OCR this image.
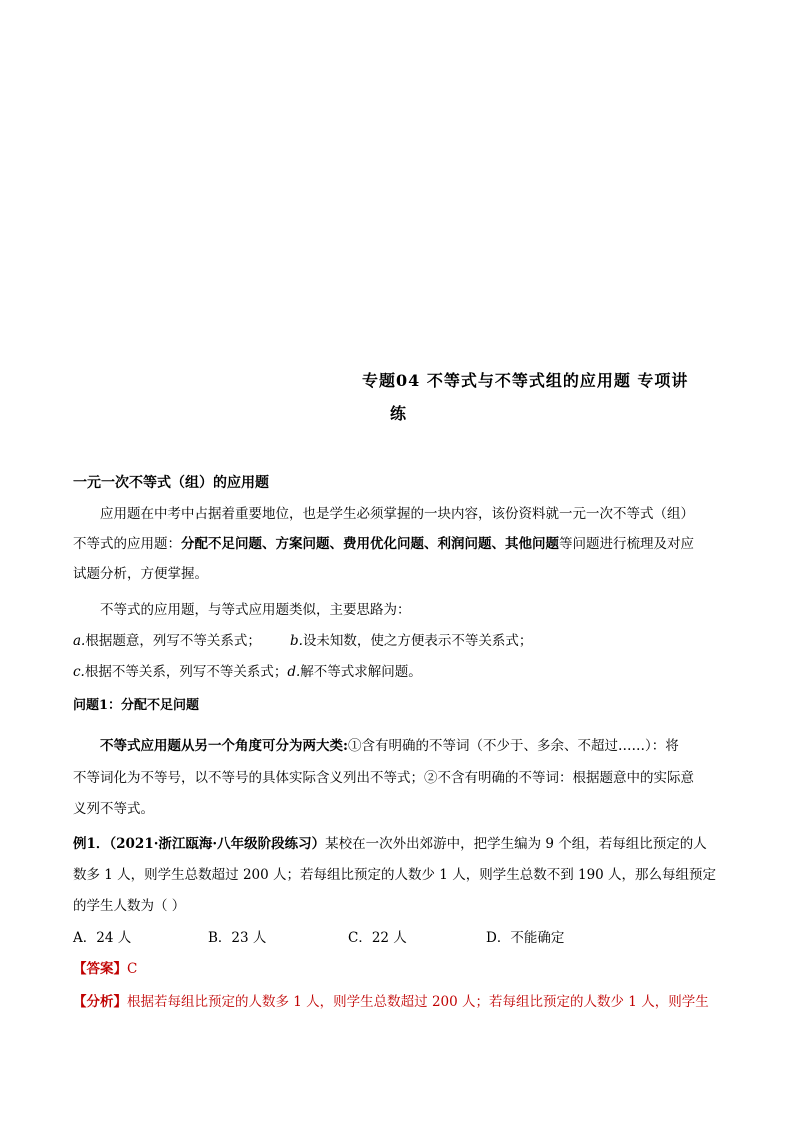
专题04 不等式与不等式组的应用题 专项讲
练
一元一次不等式（组）的应用题
应用题在中考中占据着重要地位，也是学生必须掌握的一块内容，该份资料就一元一次不等式（组）
不等式的应用题：分配不足问题、方案问题、费用优化问题、利润问题、其他问题等问题进行梳理及对应
试题分析，方便掌握。
不等式的应用题，与等式应用题类似，主要思路为：
a.根据题意，列写不等关系式； b.设未知数，使之方便表示不等关系式；
c.根据不等关系，列写不等关系式；d.解不等式求解问题。
问题1：分配不足问题
不等式应用题从另一个角度可分为两大类:①含有明确的不等词（不少于、多余、不超过……）：将
不等词化为不等号，以不等号的具体实际含义列出不等式；②不含有明确的不等词：根据题意中的实际意
义列不等式。
例1．（2021·浙江瓯海·八年级阶段练习）某校在一次外出郊游中，把学生编为 9 个组，若每组比预定的人
数多 1 人，则学生总数超过 200 人；若每组比预定的人数少 1 人，则学生总数不到 190 人，那么每组预定
的学生人数为（ ）
A．24 人	B．23 人	C．22 人	D．不能确定
【答案】C
【分析】根据若每组比预定的人数多 1 人，则学生总数超过 200 人；若每组比预定的人数少 1 人，则学生
